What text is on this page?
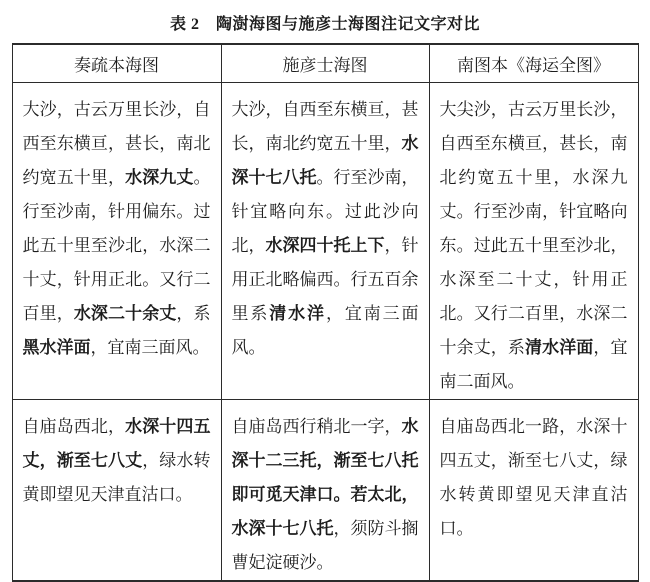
表 2　陶澍海图与施彦士海图注记文字对比
奏疏本海图	施彦士海图	南图本《海运全图》
大沙，古云万里长沙，自西至东横亘，甚长，南北约宽五十里，水深九丈。行至沙南，针用偏东。过此五十里至沙北，水深二十丈，针用正北。又行二百里，水深二十余丈，系黑水洋面，宜南三面风。	大沙，自西至东横亘，甚长，南北约宽五十里，水深十七八托。行至沙南，针宜略向东。过此沙向北，水深四十托上下，针用正北略偏西。行五百余里系清水洋，宜南三面风。	大尖沙，古云万里长沙，自西至东横亘，甚长，南北约宽五十里，水深九丈。行至沙南，针宜略向东。过此五十里至沙北，水深至二十丈，针用正北。又行二百里，水深二十余丈，系清水洋面，宜南二面风。
自庙岛西北，水深十四五丈，渐至七八丈，绿水转黄即望见天津直沽口。	自庙岛西行稍北一字，水深十二三托，渐至七八托即可觅天津口。若太北，水深十七八托，须防斗搁曹妃淀硬沙。	自庙岛西北一路，水深十四五丈，渐至七八丈，绿水转黄即望见天津直沽口。
